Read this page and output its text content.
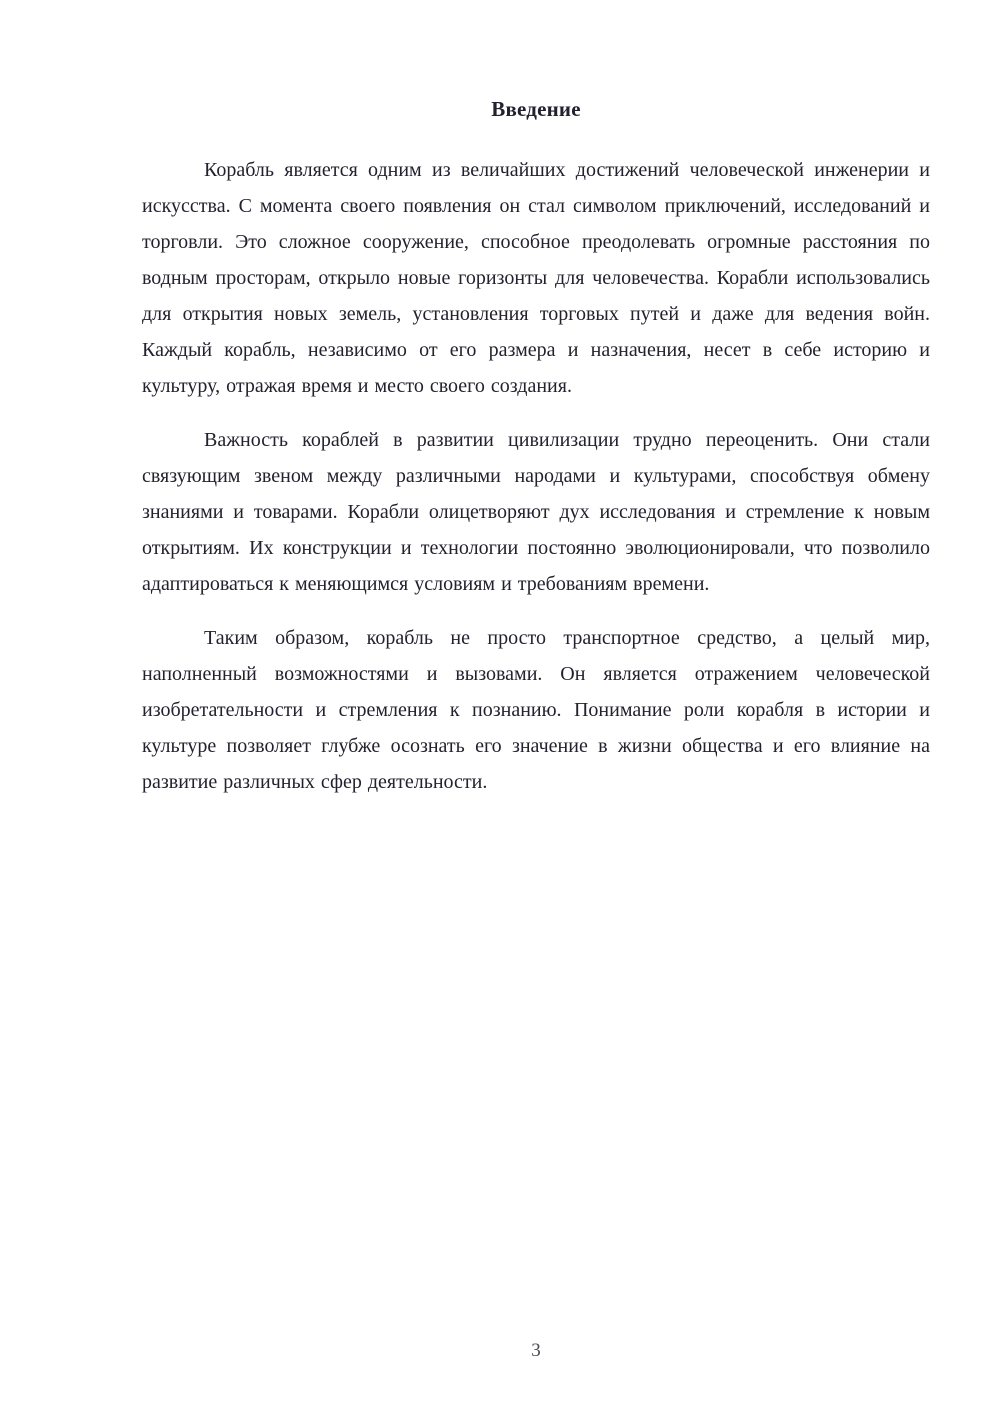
Введение

Корабль является одним из величайших достижений человеческой инженерии и искусства. С момента своего появления он стал символом приключений, исследований и торговли. Это сложное сооружение, способное преодолевать огромные расстояния по водным просторам, открыло новые горизонты для человечества. Корабли использовались для открытия новых земель, установления торговых путей и даже для ведения войн. Каждый корабль, независимо от его размера и назначения, несет в себе историю и культуру, отражая время и место своего создания.

Важность кораблей в развитии цивилизации трудно переоценить. Они стали связующим звеном между различными народами и культурами, способствуя обмену знаниями и товарами. Корабли олицетворяют дух исследования и стремление к новым открытиям. Их конструкции и технологии постоянно эволюционировали, что позволило адаптироваться к меняющимся условиям и требованиям времени.

Таким образом, корабль не просто транспортное средство, а целый мир, наполненный возможностями и вызовами. Он является отражением человеческой изобретательности и стремления к познанию. Понимание роли корабля в истории и культуре позволяет глубже осознать его значение в жизни общества и его влияние на развитие различных сфер деятельности.

3
